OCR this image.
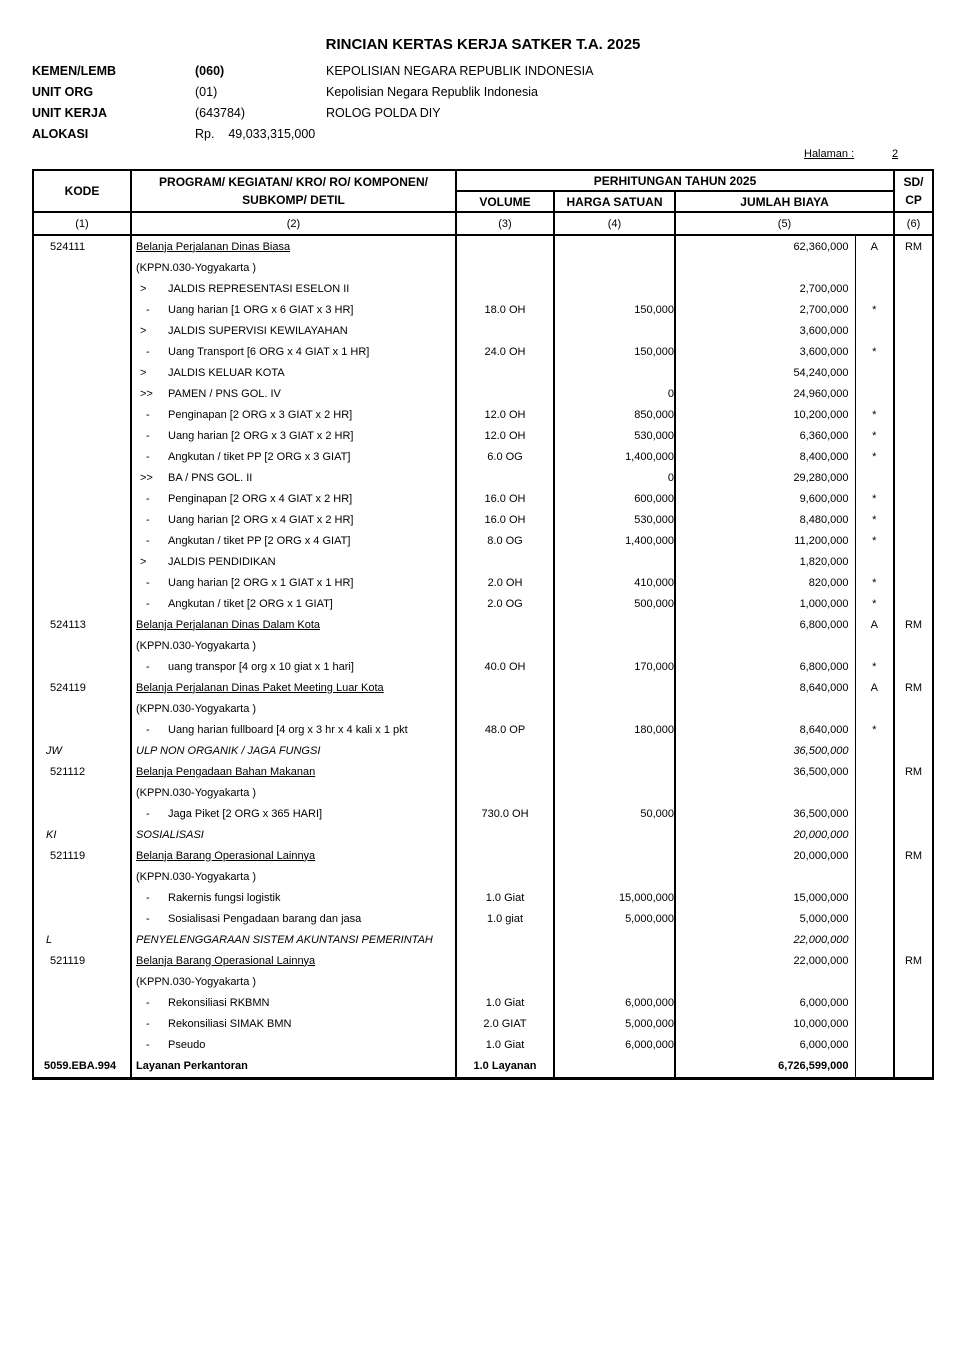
RINCIAN KERTAS KERJA SATKER T.A. 2025
KEMEN/LEMB	(060)	KEPOLISIAN NEGARA REPUBLIK INDONESIA
UNIT ORG	(01)	Kepolisian Negara Republik Indonesia
UNIT KERJA	(643784)	ROLOG POLDA DIY
ALOKASI	Rp.    49,033,315,000
Halaman :	2
KODE	PROGRAM/ KEGIATAN/ KRO/ RO/ KOMPONEN/ SUBKOMP/ DETIL	PERHITUNGAN TAHUN 2025				SD/ CP
		VOLUME	HARGA SATUAN	JUMLAH BIAYA		
(1)	(2)	(3)	(4)	(5)		(6)
524111	Belanja Perjalanan Dinas Biasa			62,360,000	A	RM
	(KPPN.030-Yogyakarta )					
	> JALDIS REPRESENTASI ESELON II			2,700,000		
	- Uang harian [1 ORG x 6 GIAT x 3 HR]	18.0 OH	150,000	2,700,000	*	
	> JALDIS SUPERVISI KEWILAYAHAN			3,600,000		
	- Uang Transport [6 ORG x 4 GIAT x 1 HR]	24.0 OH	150,000	3,600,000	*	
	> JALDIS KELUAR KOTA			54,240,000		
	>> PAMEN / PNS GOL. IV		0	24,960,000		
	- Penginapan [2 ORG x 3 GIAT x 2 HR]	12.0 OH	850,000	10,200,000	*	
	- Uang harian [2 ORG x 3 GIAT x 2 HR]	12.0 OH	530,000	6,360,000	*	
	- Angkutan / tiket PP [2 ORG x 3 GIAT]	6.0 OG	1,400,000	8,400,000	*	
	>> BA / PNS GOL. II		0	29,280,000		
	- Penginapan [2 ORG x 4 GIAT x 2 HR]	16.0 OH	600,000	9,600,000	*	
	- Uang harian [2 ORG x 4 GIAT x 2 HR]	16.0 OH	530,000	8,480,000	*	
	- Angkutan / tiket PP [2 ORG x 4 GIAT]	8.0 OG	1,400,000	11,200,000	*	
	> JALDIS PENDIDIKAN			1,820,000		
	- Uang harian [2 ORG x 1 GIAT x 1 HR]	2.0 OH	410,000	820,000	*	
	- Angkutan / tiket [2 ORG x 1 GIAT]	2.0 OG	500,000	1,000,000	*	
524113	Belanja Perjalanan Dinas Dalam Kota			6,800,000	A	RM
	(KPPN.030-Yogyakarta )					
	- uang transpor [4 org x 10 giat x 1 hari]	40.0 OH	170,000	6,800,000	*	
524119	Belanja Perjalanan Dinas Paket Meeting Luar Kota			8,640,000	A	RM
	(KPPN.030-Yogyakarta )					
	- Uang harian fullboard [4 org x 3 hr x 4 kali x 1 pkt	48.0 OP	180,000	8,640,000	*	
JW	ULP NON ORGANIK / JAGA FUNGSI			36,500,000		
521112	Belanja Pengadaan Bahan Makanan			36,500,000		RM
	(KPPN.030-Yogyakarta )					
	- Jaga Piket [2 ORG x 365 HARI]	730.0 OH	50,000	36,500,000		
KI	SOSIALISASI			20,000,000		
521119	Belanja Barang Operasional Lainnya			20,000,000		RM
	(KPPN.030-Yogyakarta )					
	- Rakernis fungsi logistik	1.0 Giat	15,000,000	15,000,000		
	- Sosialisasi Pengadaan barang dan jasa	1.0 giat	5,000,000	5,000,000		
L	PENYELENGGARAAN SISTEM AKUNTANSI PEMERINTAH			22,000,000		
521119	Belanja Barang Operasional Lainnya			22,000,000		RM
	(KPPN.030-Yogyakarta )					
	- Rekonsiliasi RKBMN	1.0 Giat	6,000,000	6,000,000		
	- Rekonsiliasi SIMAK BMN	2.0 GIAT	5,000,000	10,000,000		
	- Pseudo	1.0 Giat	6,000,000	6,000,000		
5059.EBA.994	Layanan Perkantoran	1.0 Layanan		6,726,599,000		
